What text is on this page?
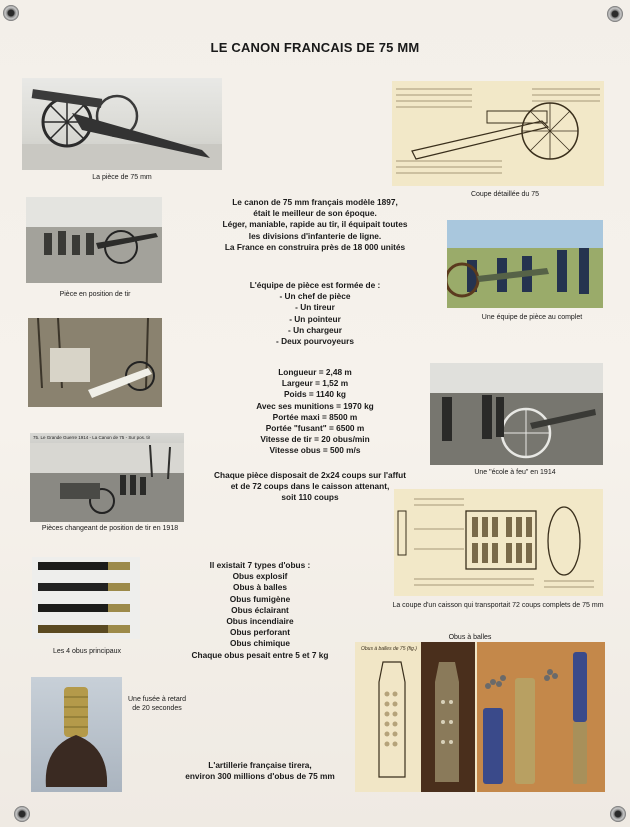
LE CANON FRANCAIS DE 75 MM
La pièce de 75 mm
Coupe détaillée du 75
Pièce en position de tir
Le canon de 75 mm français modèle 1897,
était le meilleur de son époque.
Léger, maniable, rapide au tir, il équipait toutes
les divisions d'infanterie de ligne.
La France en construira près de 18 000 unités
Une équipe de pièce au complet
L'équipe de pièce est formée de :
- Un chef de pièce
- Un tireur
- Un pointeur
- Un chargeur
- Deux pourvoyeurs
Longueur = 2,48 m
Largeur = 1,52 m
Poids = 1140 kg
Avec ses munitions = 1970 kg
Portée maxi = 8500 m
Portée "fusant" = 6500 m
Vitesse de tir = 20 obus/min
Vitesse obus = 500 m/s
Une "école à feu" en 1914
75. Le Grande Guerre 1914 - La Canon de 75 - Sur pos. tir
Pièces changeant de position de tir en 1918
Chaque pièce disposait de 2x24 coups sur l'affut
et de 72 coups dans le caisson attenant,
soit 110 coups
La coupe d'un caisson qui transportait 72 coups complets de 75 mm
Les 4 obus principaux
Il existait 7 types d'obus :
Obus explosif
Obus à balles
Obus fumigène
Obus éclairant
Obus incendiaire
Obus perforant
Obus chimique
Chaque obus pesait entre 5 et 7 kg
Obus à balles
Obus à balles de 75 (fig.)
Une fusée à retard
de 20 secondes
L'artillerie française tirera,
environ 300 millions d'obus de 75 mm
